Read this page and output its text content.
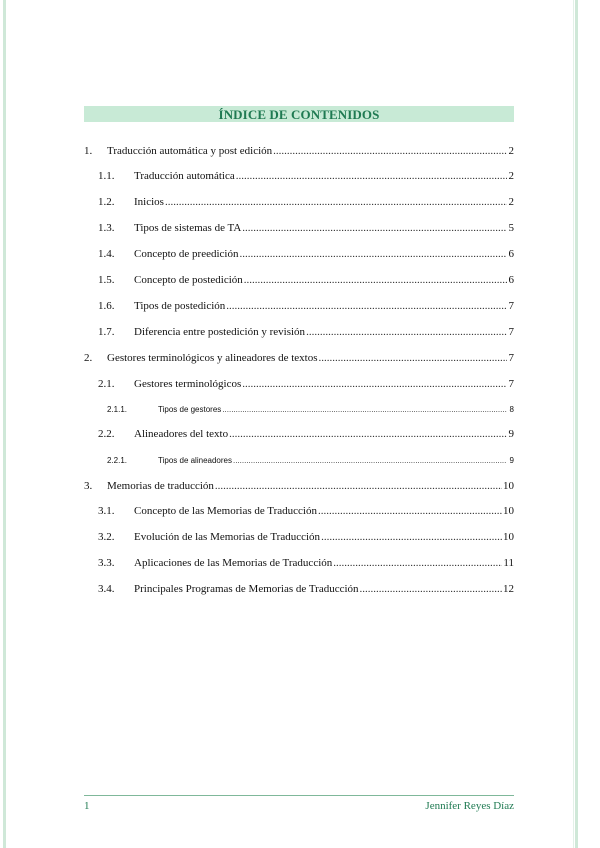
ÍNDICE DE CONTENIDOS
1.	Traducción automática y post edición .....	2
1.1.	Traducción automática .....	2
1.2.	Inicios .....	2
1.3.	Tipos de sistemas de TA .....	5
1.4.	Concepto de preedición .....	6
1.5.	Concepto de postedición .....	6
1.6.	Tipos de postedición .....	7
1.7.	Diferencia entre postedición y revisión .....	7
2.	Gestores terminológicos y alineadores de textos .....	7
2.1.	Gestores terminológicos .....	7
2.1.1.	Tipos de gestores .....	8
2.2.	Alineadores del texto .....	9
2.2.1.	Tipos de alineadores .....	9
3.	Memorias de traducción .....	10
3.1.	Concepto de las Memorias de Traducción .....	10
3.2.	Evolución de las Memorias de Traducción .....	10
3.3.	Aplicaciones de las Memorias de Traducción .....	11
3.4.	Principales Programas de Memorias de Traducción .....	12
1	Jennifer Reyes Díaz
